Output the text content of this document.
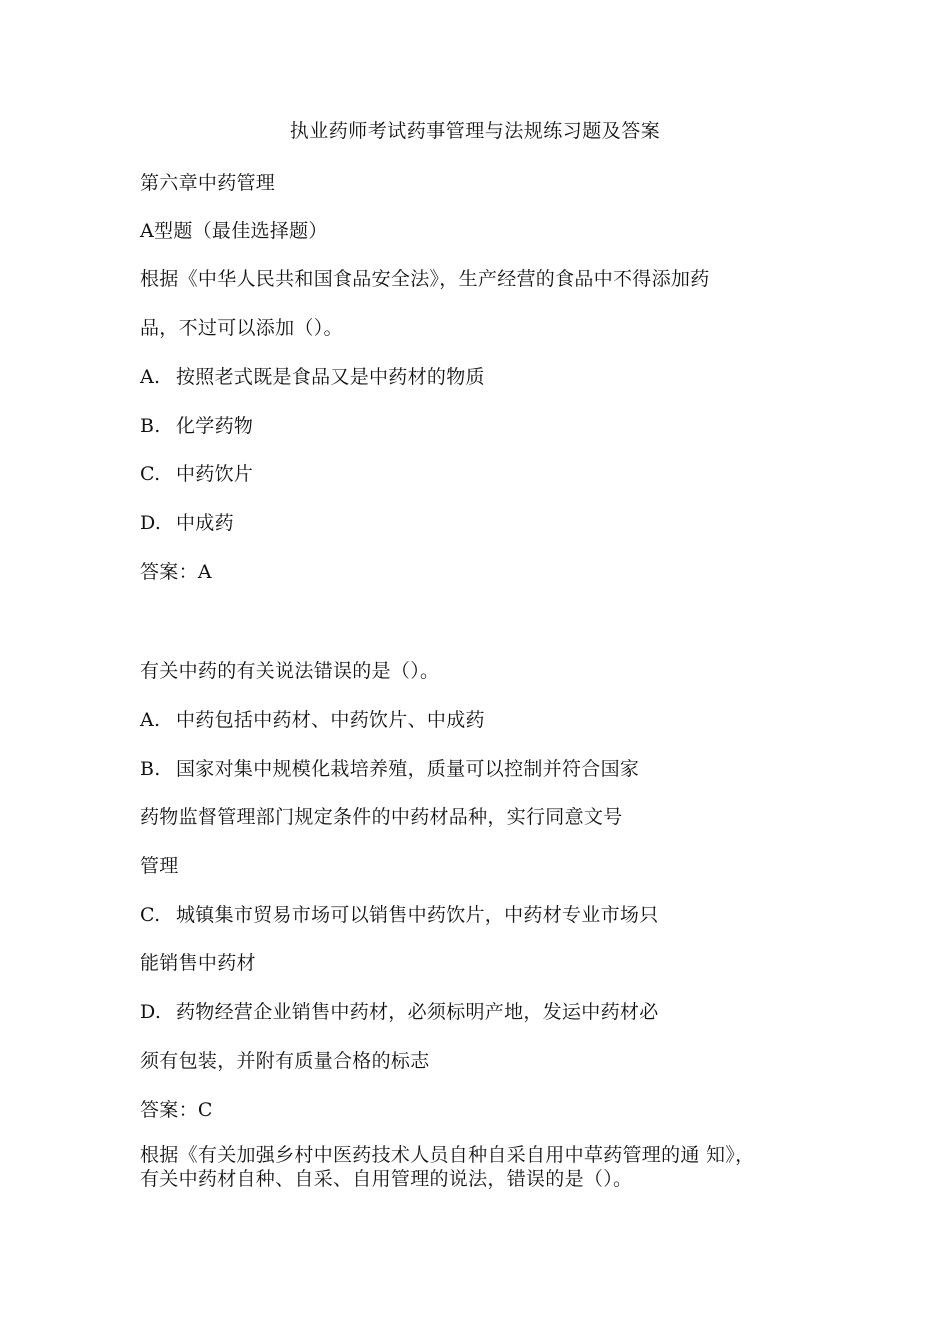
执业药师考试药事管理与法规练习题及答案
第六章中药管理
A型题（最佳选择题）
根据《中华人民共和国食品安全法》，生产经营的食品中不得添加药
品，不过可以添加（）。
A. 按照老式既是食品又是中药材的物质
B. 化学药物
C. 中药饮片
D. 中成药
答案：A
有关中药的有关说法错误的是（）。
A. 中药包括中药材、中药饮片、中成药
B. 国家对集中规模化栽培养殖，质量可以控制并符合国家
药物监督管理部门规定条件的中药材品种，实行同意文号
管理
C. 城镇集市贸易市场可以销售中药饮片，中药材专业市场只
能销售中药材
D. 药物经营企业销售中药材，必须标明产地，发运中药材必
须有包装，并附有质量合格的标志
答案：C
根据《有关加强乡村中医药技术人员自种自采自用中草药管理的通 知》，
有关中药材自种、自采、自用管理的说法，错误的是（）。
